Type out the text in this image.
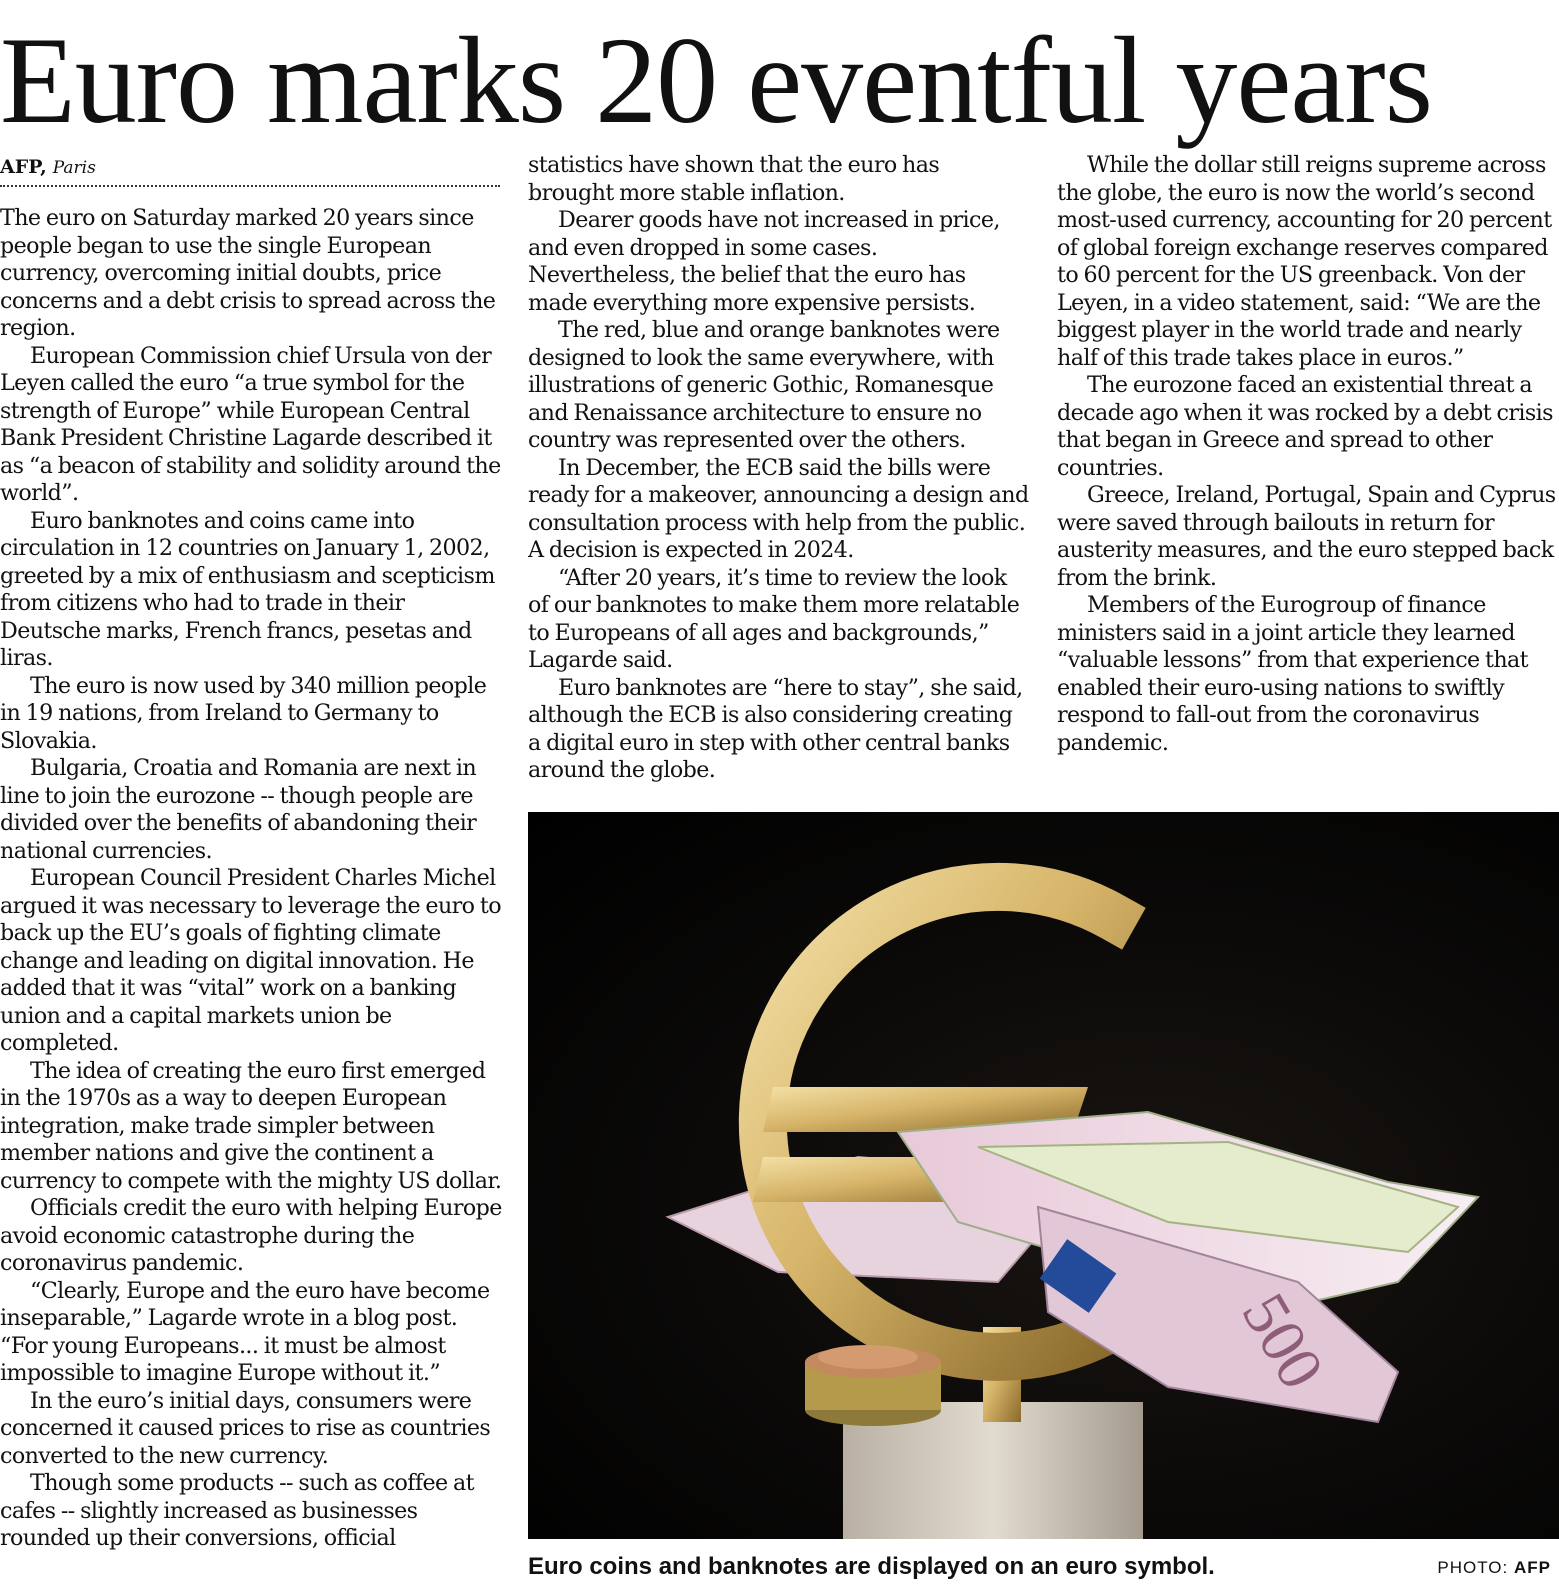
Euro marks 20 eventful years
AFP, Paris

The euro on Saturday marked 20 years since people began to use the single European currency, overcoming initial doubts, price concerns and a debt crisis to spread across the region.

European Commission chief Ursula von der Leyen called the euro “a true symbol for the strength of Europe” while European Central Bank President Christine Lagarde described it as “a beacon of stability and solidity around the world”.

Euro banknotes and coins came into circulation in 12 countries on January 1, 2002, greeted by a mix of enthusiasm and scepticism from citizens who had to trade in their Deutsche marks, French francs, pesetas and liras.

The euro is now used by 340 million people in 19 nations, from Ireland to Germany to Slovakia.

Bulgaria, Croatia and Romania are next in line to join the eurozone -- though people are divided over the benefits of abandoning their national currencies.

European Council President Charles Michel argued it was necessary to leverage the euro to back up the EU’s goals of fighting climate change and leading on digital innovation. He added that it was “vital” work on a banking union and a capital markets union be completed.

The idea of creating the euro first emerged in the 1970s as a way to deepen European integration, make trade simpler between member nations and give the continent a currency to compete with the mighty US dollar.

Officials credit the euro with helping Europe avoid economic catastrophe during the coronavirus pandemic.

“Clearly, Europe and the euro have become inseparable,” Lagarde wrote in a blog post. “For young Europeans... it must be almost impossible to imagine Europe without it.”

In the euro’s initial days, consumers were concerned it caused prices to rise as countries converted to the new currency.

Though some products -- such as coffee at cafes -- slightly increased as businesses rounded up their conversions, official

statistics have shown that the euro has brought more stable inflation.

Dearer goods have not increased in price, and even dropped in some cases. Nevertheless, the belief that the euro has made everything more expensive persists.

The red, blue and orange banknotes were designed to look the same everywhere, with illustrations of generic Gothic, Romanesque and Renaissance architecture to ensure no country was represented over the others.

In December, the ECB said the bills were ready for a makeover, announcing a design and consultation process with help from the public. A decision is expected in 2024.

“After 20 years, it’s time to review the look of our banknotes to make them more relatable to Europeans of all ages and backgrounds,” Lagarde said.

Euro banknotes are “here to stay”, she said, although the ECB is also considering creating a digital euro in step with other central banks around the globe.

While the dollar still reigns supreme across the globe, the euro is now the world’s second most-used currency, accounting for 20 percent of global foreign exchange reserves compared to 60 percent for the US greenback. Von der Leyen, in a video statement, said: “We are the biggest player in the world trade and nearly half of this trade takes place in euros.”

The eurozone faced an existential threat a decade ago when it was rocked by a debt crisis that began in Greece and spread to other countries.

Greece, Ireland, Portugal, Spain and Cyprus were saved through bailouts in return for austerity measures, and the euro stepped back from the brink.

Members of the Eurogroup of finance ministers said in a joint article they learned “valuable lessons” from that experience that enabled their euro-using nations to swiftly respond to fall-out from the coronavirus pandemic.

500
Euro coins and banknotes are displayed on an euro symbol.	PHOTO: AFP
